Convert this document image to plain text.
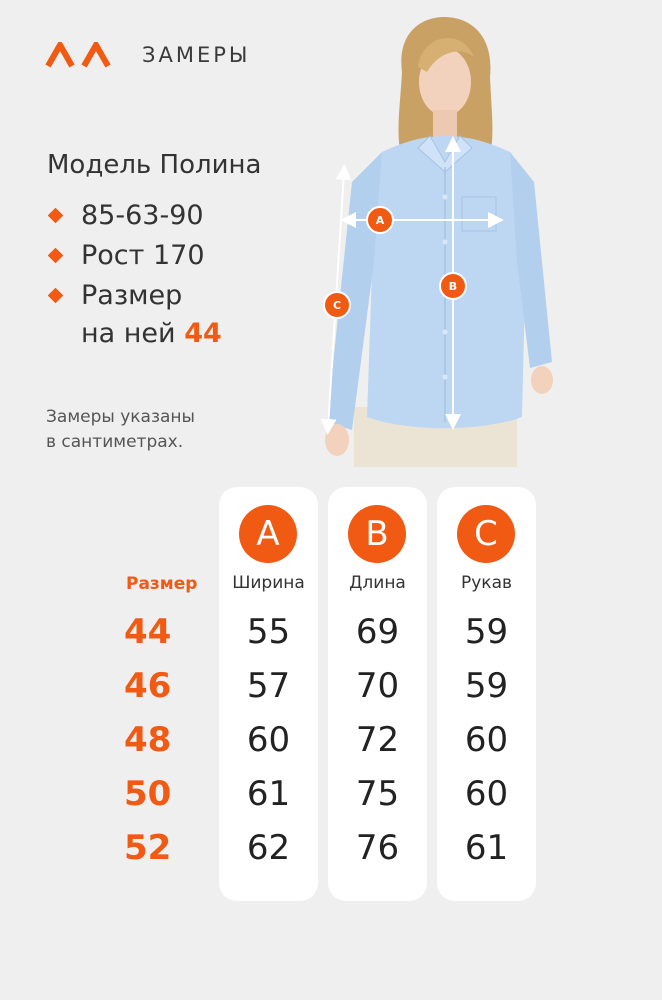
ЗАМЕРЫ
Модель Полина
85-63-90
Рост 170
Размер
на ней 44
Замеры указаны
в сантиметрах.
A
B
C
Размер
44
46
48
50
52
A
Ширина
55
57
60
61
62
B
Длина
69
70
72
75
76
C
Рукав
59
59
60
60
61
